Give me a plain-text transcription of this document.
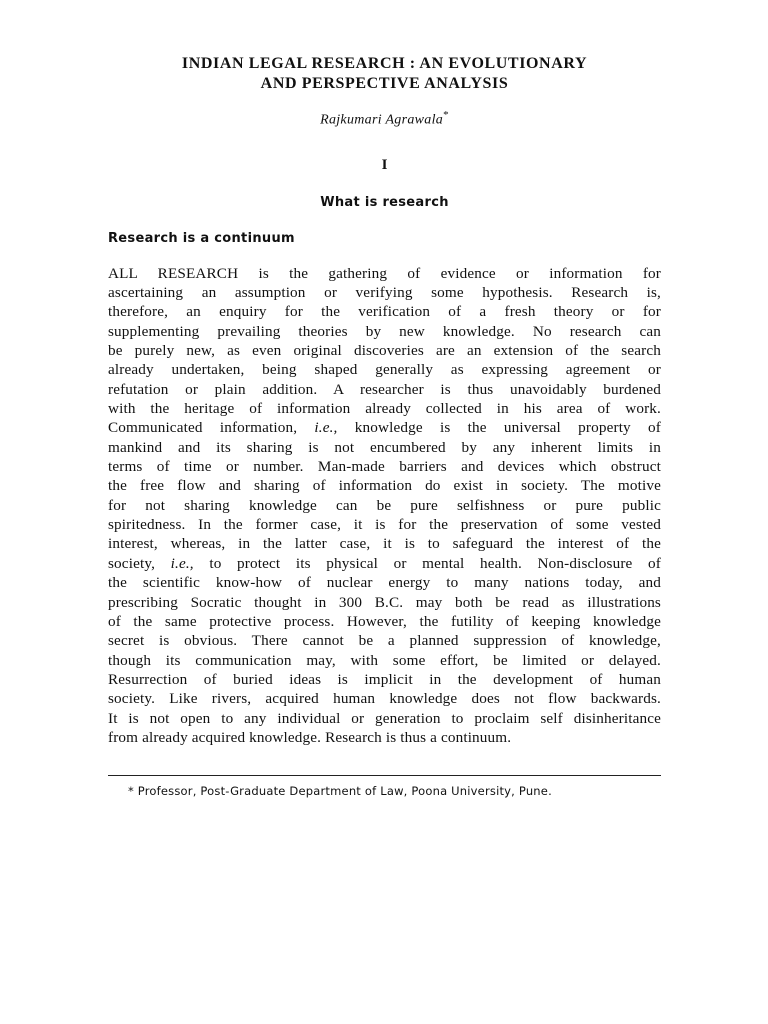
INDIAN LEGAL RESEARCH : AN EVOLUTIONARY
AND PERSPECTIVE ANALYSIS
Rajkumari Agrawala*
I
What is research
Research is a continuum
ALL RESEARCH is the gathering of evidence or information for
ascertaining an assumption or verifying some hypothesis. Research is,
therefore, an enquiry for the verification of a fresh theory or for
supplementing prevailing theories by new knowledge. No research can
be purely new, as even original discoveries are an extension of the search
already undertaken, being shaped generally as expressing agreement or
refutation or plain addition. A researcher is thus unavoidably burdened
with the heritage of information already collected in his area of work.
Communicated information, i.e., knowledge is the universal property of
mankind and its sharing is not encumbered by any inherent limits in
terms of time or number. Man-made barriers and devices which obstruct
the free flow and sharing of information do exist in society. The motive
for not sharing knowledge can be pure selfishness or pure public
spiritedness. In the former case, it is for the preservation of some vested
interest, whereas, in the latter case, it is to safeguard the interest of the
society, i.e., to protect its physical or mental health. Non-disclosure of
the scientific know-how of nuclear energy to many nations today, and
prescribing Socratic thought in 300 B.C. may both be read as illustrations
of the same protective process. However, the futility of keeping knowledge
secret is obvious. There cannot be a planned suppression of knowledge,
though its communication may, with some effort, be limited or delayed.
Resurrection of buried ideas is implicit in the development of human
society. Like rivers, acquired human knowledge does not flow backwards.
It is not open to any individual or generation to proclaim self disinheritance
from already acquired knowledge. Research is thus a continuum.
* Professor, Post-Graduate Department of Law, Poona University, Pune.
